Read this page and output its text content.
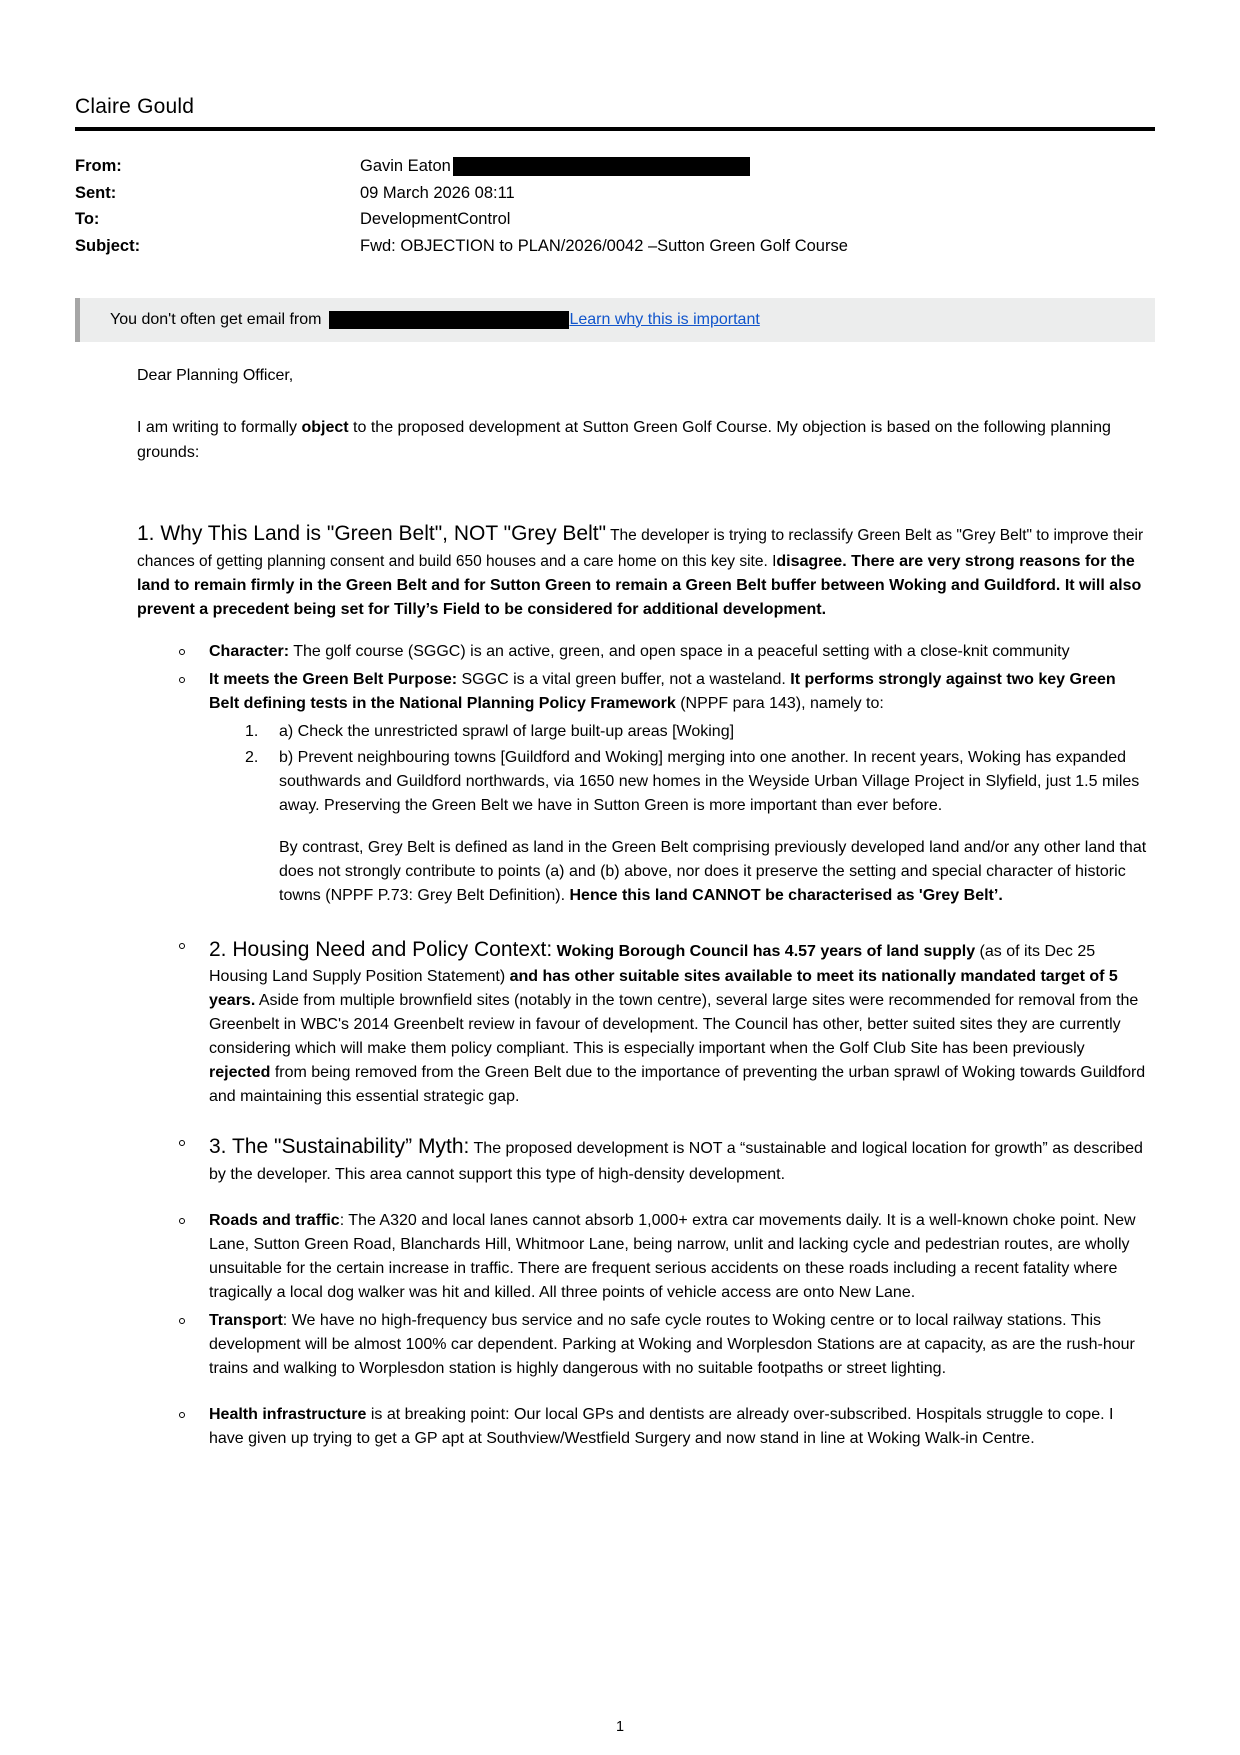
Claire Gould
From:	Gavin Eaton
Sent:	09 March 2026 08:11
To:	DevelopmentControl
Subject:	Fwd: OBJECTION to PLAN/2026/0042 –Sutton Green Golf Course
You don't often get email from	Learn why this is important

Dear Planning Officer,

I am writing to formally object to the proposed development at Sutton Green Golf Course. My objection is based on the following planning grounds:

1. Why This Land is "Green Belt", NOT "Grey Belt" The developer is trying to reclassify Green Belt as "Grey Belt" to improve their chances of getting planning consent and build 650 houses and a care home on this key site. Idisagree. There are very strong reasons for the land to remain firmly in the Green Belt and for Sutton Green to remain a Green Belt buffer between Woking and Guildford. It will also prevent a precedent being set for Tilly’s Field to be considered for additional development.

Character: The golf course (SGGC) is an active, green, and open space in a peaceful setting with a close-knit community
It meets the Green Belt Purpose: SGGC is a vital green buffer, not a wasteland. It performs strongly against two key Green Belt defining tests in the National Planning Policy Framework (NPPF para 143), namely to:
a) Check the unrestricted sprawl of large built-up areas [Woking]
b) Prevent neighbouring towns [Guildford and Woking] merging into one another. In recent years, Woking has expanded southwards and Guildford northwards, via 1650 new homes in the Weyside Urban Village Project in Slyfield, just 1.5 miles away. Preserving the Green Belt we have in Sutton Green is more important than ever before.
By contrast, Grey Belt is defined as land in the Green Belt comprising previously developed land and/or any other land that does not strongly contribute to points (a) and (b) above, nor does it preserve the setting and special character of historic towns (NPPF P.73: Grey Belt Definition). Hence this land CANNOT be characterised as 'Grey Belt’.
2. Housing Need and Policy Context: Woking Borough Council has 4.57 years of land supply (as of its Dec 25 Housing Land Supply Position Statement) and has other suitable sites available to meet its nationally mandated target of 5 years. Aside from multiple brownfield sites (notably in the town centre), several large sites were recommended for removal from the Greenbelt in WBC's 2014 Greenbelt review in favour of development. The Council has other, better suited sites they are currently considering which will make them policy compliant. This is especially important when the Golf Club Site has been previously rejected from being removed from the Green Belt due to the importance of preventing the urban sprawl of Woking towards Guildford and maintaining this essential strategic gap.
3. The "Sustainability” Myth: The proposed development is NOT a “sustainable and logical location for growth” as described by the developer. This area cannot support this type of high-density development.
Roads and traffic: The A320 and local lanes cannot absorb 1,000+ extra car movements daily. It is a well-known choke point. New Lane, Sutton Green Road, Blanchards Hill, Whitmoor Lane, being narrow, unlit and lacking cycle and pedestrian routes, are wholly unsuitable for the certain increase in traffic. There are frequent serious accidents on these roads including a recent fatality where tragically a local dog walker was hit and killed. All three points of vehicle access are onto New Lane.
Transport: We have no high-frequency bus service and no safe cycle routes to Woking centre or to local railway stations. This development will be almost 100% car dependent. Parking at Woking and Worplesdon Stations are at capacity, as are the rush-hour trains and walking to Worplesdon station is highly dangerous with no suitable footpaths or street lighting.
Health infrastructure is at breaking point: Our local GPs and dentists are already over-subscribed. Hospitals struggle to cope. I have given up trying to get a GP apt at Southview/Westfield Surgery and now stand in line at Woking Walk-in Centre.
1
